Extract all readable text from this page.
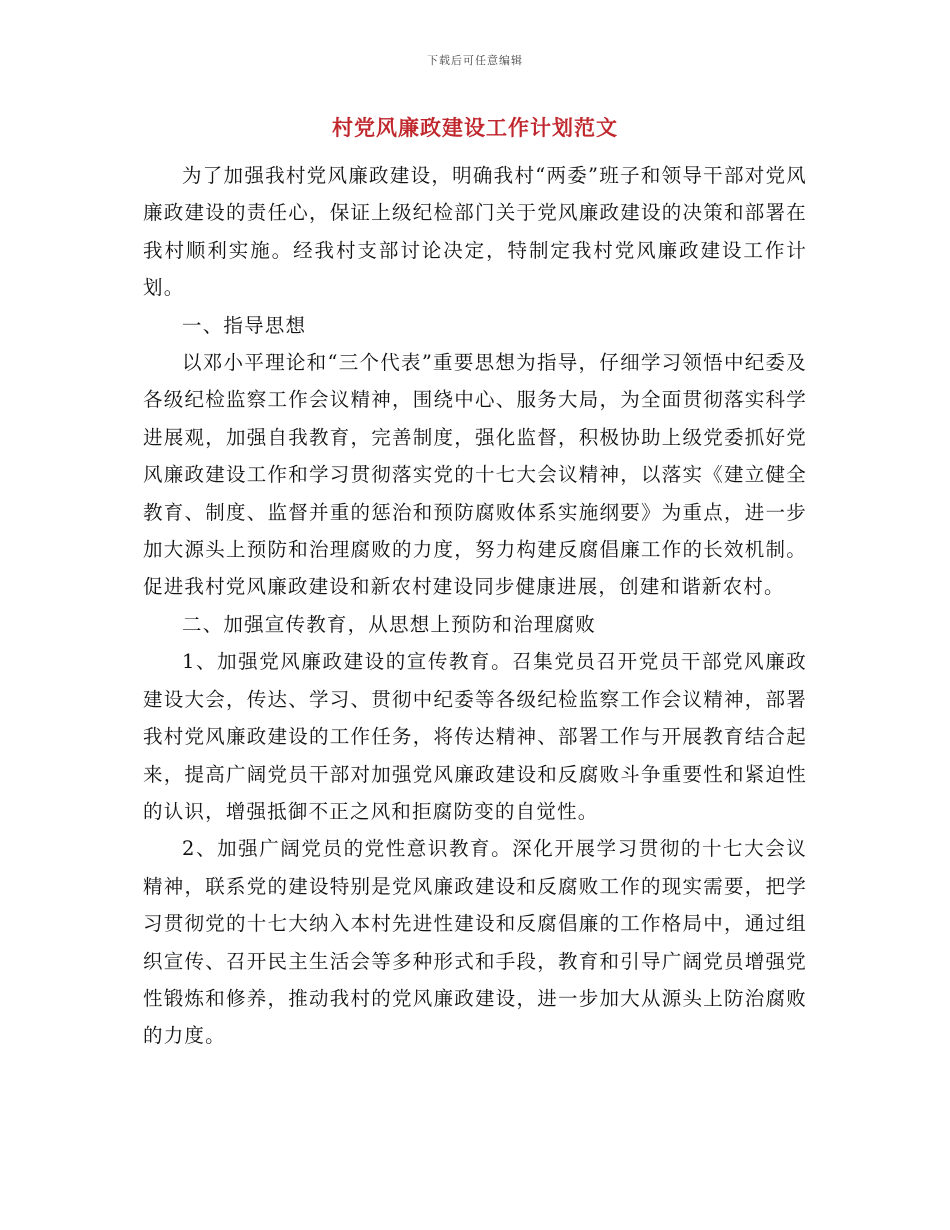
下载后可任意编辑
村党风廉政建设工作计划范文

为了加强我村党风廉政建设，明确我村“两委”班子和领导干部对党风廉政建设的责任心，保证上级纪检部门关于党风廉政建设的决策和部署在我村顺利实施。经我村支部讨论决定，特制定我村党风廉政建设工作计划。

一、指导思想

以邓小平理论和“三个代表”重要思想为指导，仔细学习领悟中纪委及各级纪检监察工作会议精神，围绕中心、服务大局，为全面贯彻落实科学进展观，加强自我教育，完善制度，强化监督，积极协助上级党委抓好党风廉政建设工作和学习贯彻落实党的十七大会议精神，以落实《建立健全教育、制度、监督并重的惩治和预防腐败体系实施纲要》为重点，进一步加大源头上预防和治理腐败的力度，努力构建反腐倡廉工作的长效机制。促进我村党风廉政建设和新农村建设同步健康进展，创建和谐新农村。

二、加强宣传教育，从思想上预防和治理腐败

1、加强党风廉政建设的宣传教育。召集党员召开党员干部党风廉政建设大会，传达、学习、贯彻中纪委等各级纪检监察工作会议精神，部署我村党风廉政建设的工作任务，将传达精神、部署工作与开展教育结合起来，提高广阔党员干部对加强党风廉政建设和反腐败斗争重要性和紧迫性的认识，增强抵御不正之风和拒腐防变的自觉性。

2、加强广阔党员的党性意识教育。深化开展学习贯彻的十七大会议精神，联系党的建设特别是党风廉政建设和反腐败工作的现实需要，把学习贯彻党的十七大纳入本村先进性建设和反腐倡廉的工作格局中，通过组织宣传、召开民主生活会等多种形式和手段，教育和引导广阔党员增强党性锻炼和修养，推动我村的党风廉政建设，进一步加大从源头上防治腐败的力度。
